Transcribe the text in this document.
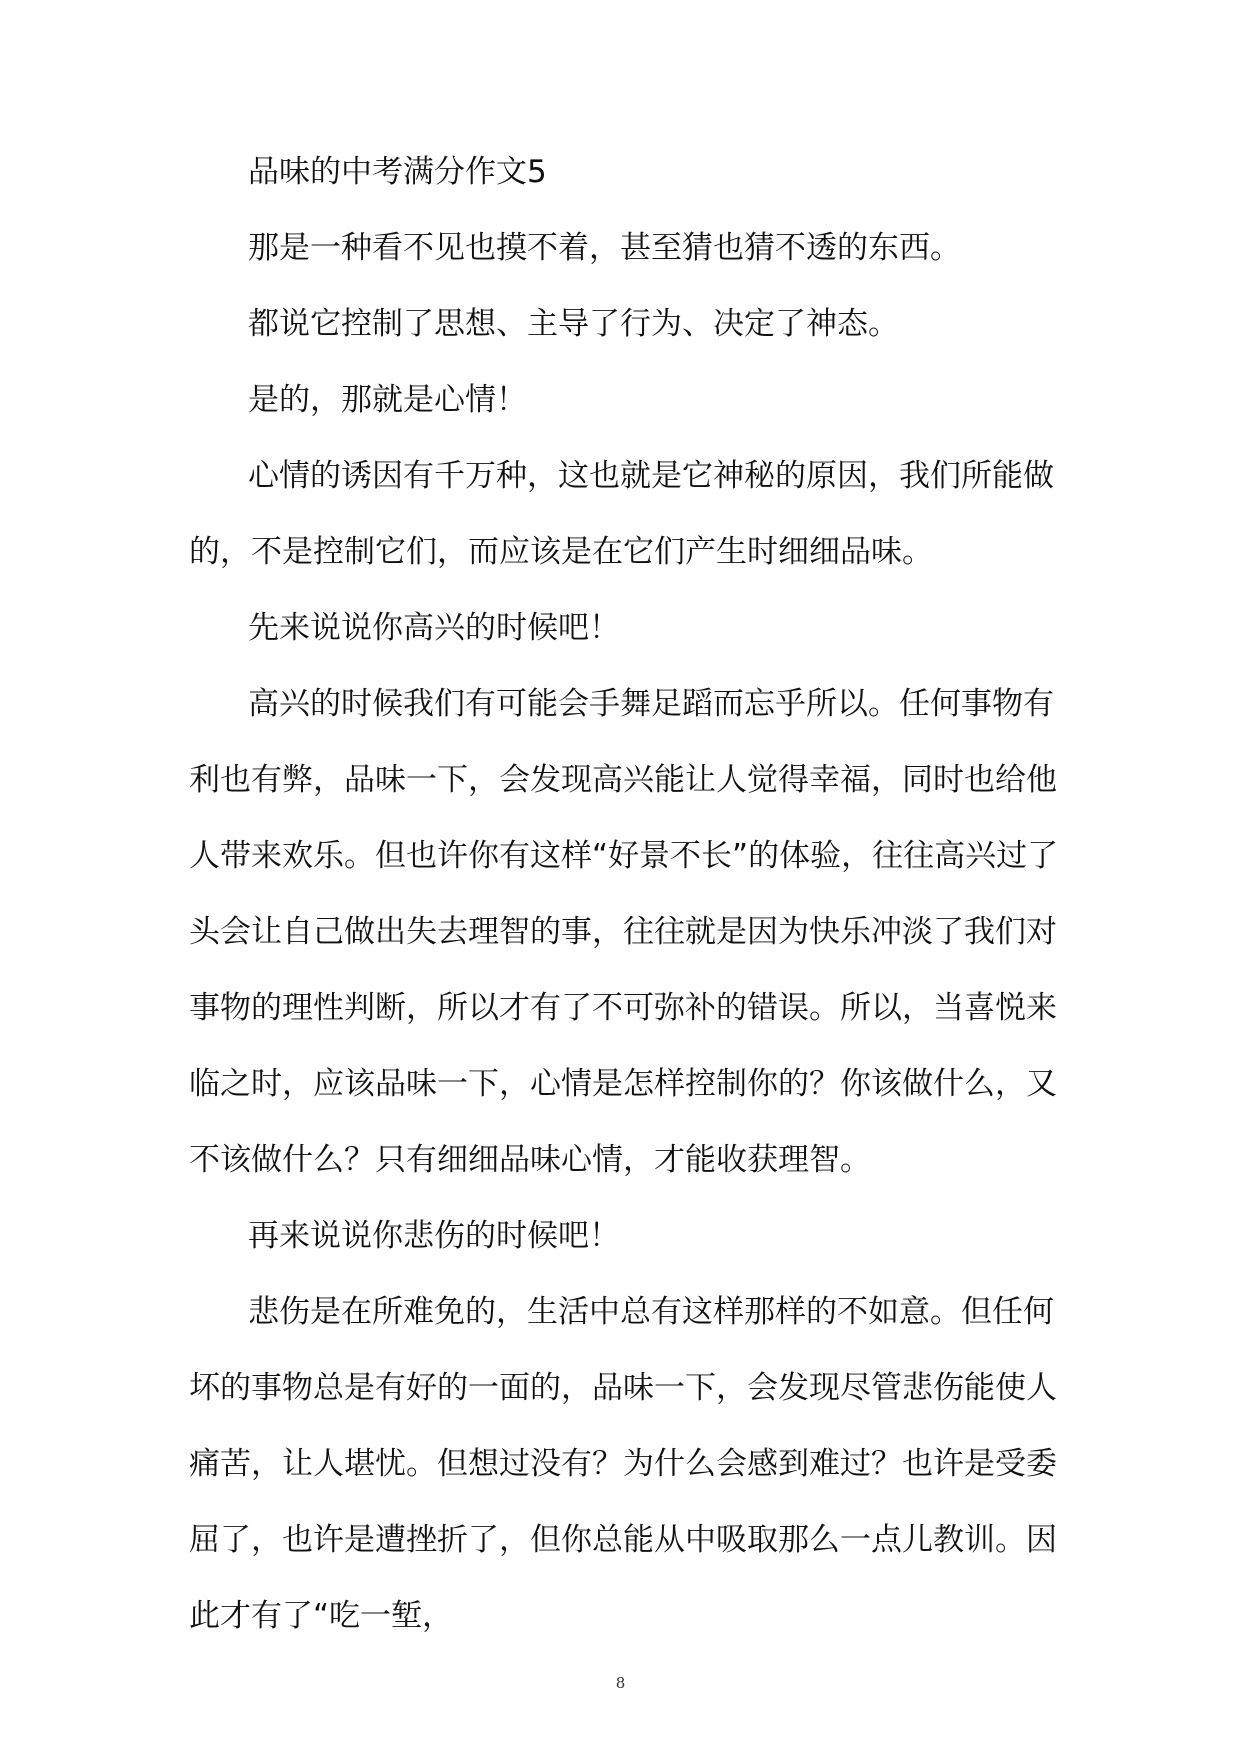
品味的中考满分作文5

那是一种看不见也摸不着，甚至猜也猜不透的东西。

都说它控制了思想、主导了行为、决定了神态。

是的，那就是心情！

心情的诱因有千万种，这也就是它神秘的原因，我们所能做的，不是控制它们，而应该是在它们产生时细细品味。

先来说说你高兴的时候吧！

高兴的时候我们有可能会手舞足蹈而忘乎所以。任何事物有利也有弊，品味一下，会发现高兴能让人觉得幸福，同时也给他人带来欢乐。但也许你有这样“好景不长”的体验，往往高兴过了头会让自己做出失去理智的事，往往就是因为快乐冲淡了我们对事物的理性判断，所以才有了不可弥补的错误。所以，当喜悦来临之时，应该品味一下，心情是怎样控制你的？你该做什么，又不该做什么？只有细细品味心情，才能收获理智。

再来说说你悲伤的时候吧！

悲伤是在所难免的，生活中总有这样那样的不如意。但任何坏的事物总是有好的一面的，品味一下，会发现尽管悲伤能使人痛苦，让人堪忧。但想过没有？为什么会感到难过？也许是受委屈了，也许是遭挫折了，但你总能从中吸取那么一点儿教训。因此才有了“吃一堑，

8
